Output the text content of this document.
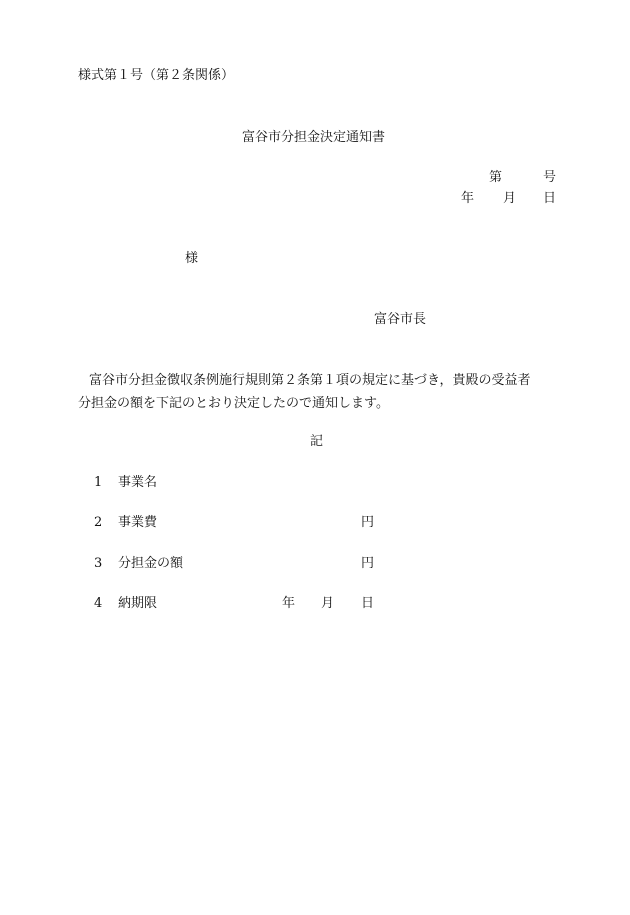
様式第１号（第２条関係）
富谷市分担金決定通知書
第	号
年 月 日
様
富谷市長
富谷市分担金徴収条例施行規則第２条第１項の規定に基づき，貴殿の受益者
分担金の額を下記のとおり決定したので通知します。
記
1 事業名
2 事業費	円
3 分担金の額	円
4 納期限	年 月 日
